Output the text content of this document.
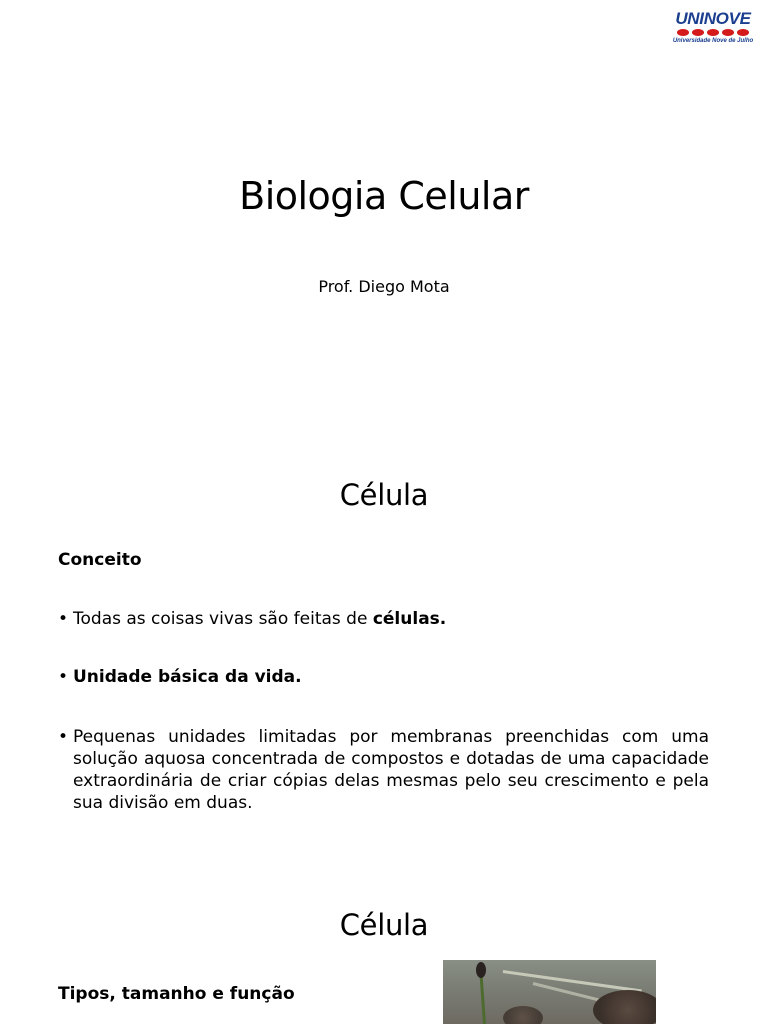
UNINOVE
Universidade Nove de Julho
Biologia Celular
Prof. Diego Mota
Célula
Conceito
• Todas as coisas vivas são feitas de células.
• Unidade básica da vida.
• Pequenas unidades limitadas por membranas preenchidas com uma solução aquosa concentrada de compostos e dotadas de uma capacidade extraordinária de criar cópias delas mesmas pelo seu crescimento e pela sua divisão em duas.
Célula
Tipos, tamanho e função
